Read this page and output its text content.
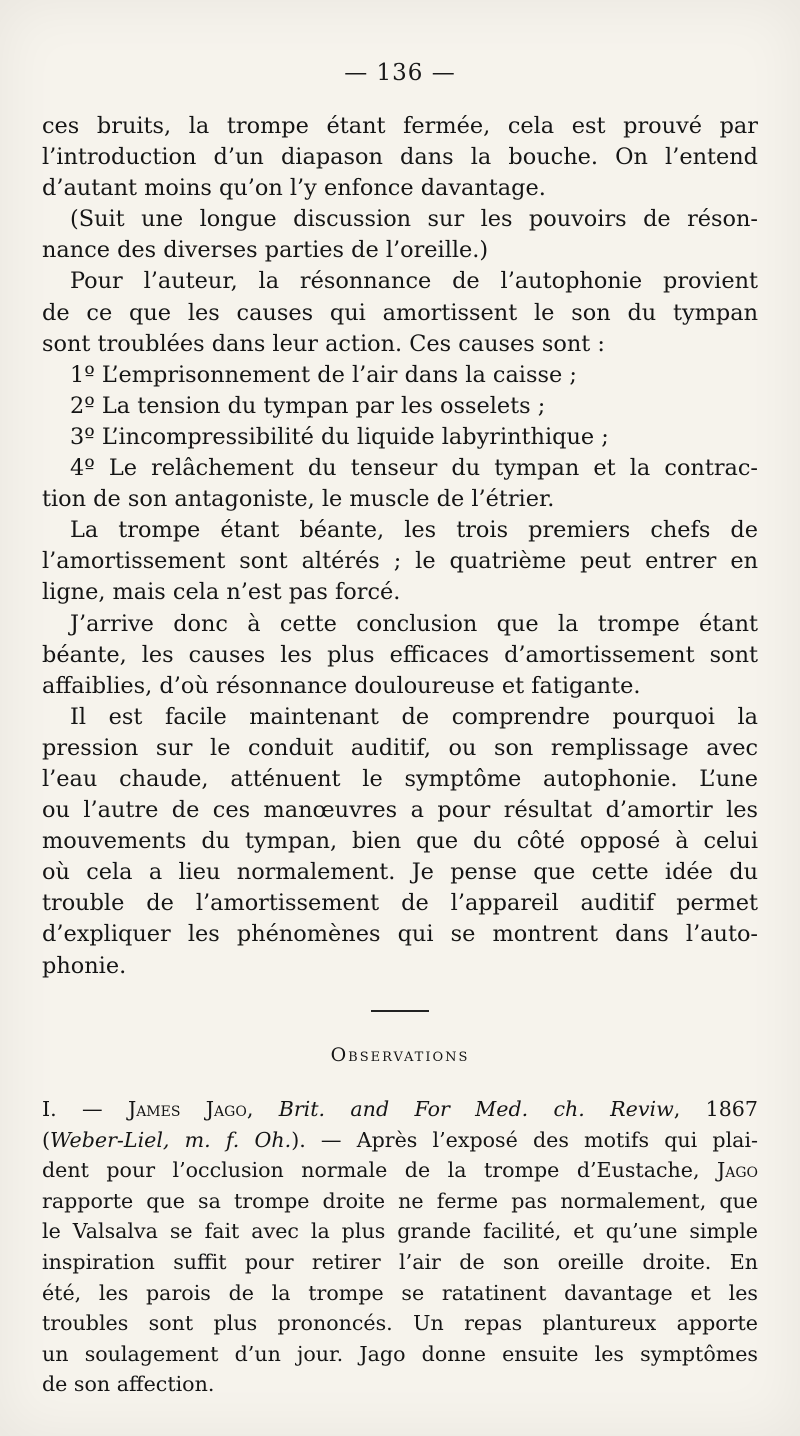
— 136 —
ces bruits, la trompe étant fermée, cela est prouvé par
l’introduction d’un diapason dans la bouche. On l’entend
d’autant moins qu’on l’y enfonce davantage.
(Suit une longue discussion sur les pouvoirs de réson-
nance des diverses parties de l’oreille.)
Pour l’auteur, la résonnance de l’autophonie provient
de ce que les causes qui amortissent le son du tympan
sont troublées dans leur action. Ces causes sont :
1º L’emprisonnement de l’air dans la caisse ;
2º La tension du tympan par les osselets ;
3º L’incompressibilité du liquide labyrinthique ;
4º Le relâchement du tenseur du tympan et la contrac-
tion de son antagoniste, le muscle de l’étrier.
La trompe étant béante, les trois premiers chefs de
l’amortissement sont altérés ; le quatrième peut entrer en
ligne, mais cela n’est pas forcé.
J’arrive donc à cette conclusion que la trompe étant
béante, les causes les plus efficaces d’amortissement sont
affaiblies, d’où résonnance douloureuse et fatigante.
Il est facile maintenant de comprendre pourquoi la
pression sur le conduit auditif, ou son remplissage avec
l’eau chaude, atténuent le symptôme autophonie. L’une
ou l’autre de ces manœuvres a pour résultat d’amortir les
mouvements du tympan, bien que du côté opposé à celui
où cela a lieu normalement. Je pense que cette idée du
trouble de l’amortissement de l’appareil auditif permet
d’expliquer les phénomènes qui se montrent dans l’auto-
phonie.
Observations
I. — James Jago, Brit. and For Med. ch. Reviw, 1867
(Weber-Liel, m. f. Oh.). — Après l’exposé des motifs qui plai-
dent pour l’occlusion normale de la trompe d’Eustache, Jago
rapporte que sa trompe droite ne ferme pas normalement, que
le Valsalva se fait avec la plus grande facilité, et qu’une simple
inspiration suffit pour retirer l’air de son oreille droite. En
été, les parois de la trompe se ratatinent davantage et les
troubles sont plus prononcés. Un repas plantureux apporte
un soulagement d’un jour. Jago donne ensuite les symptômes
de son affection.
